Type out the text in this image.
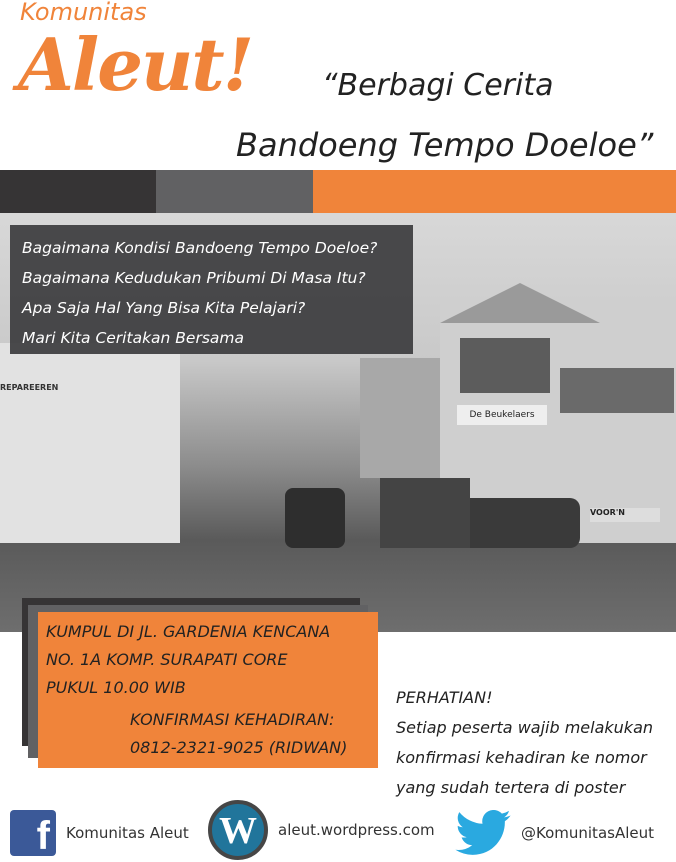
Komunitas
Aleut! “Berbagi Cerita
Bandoeng Tempo Doeloe”
REPAREEREN
De Beukelaers
VOOR'N
Bagaimana Kondisi Bandoeng Tempo Doeloe?
Bagaimana Kedudukan Pribumi Di Masa Itu?
Apa Saja Hal Yang Bisa Kita Pelajari?
Mari Kita Ceritakan Bersama
KUMPUL DI JL. GARDENIA KENCANA
NO. 1A KOMP. SURAPATI CORE
PUKUL 10.00 WIB
KONFIRMASI KEHADIRAN:
0812-2321-9025 (RIDWAN)
PERHATIAN!
Setiap peserta wajib melakukan
konfirmasi kehadiran ke nomor
yang sudah tertera di poster
f	Komunitas Aleut W	aleut.wordpress.com	@KomunitasAleut
